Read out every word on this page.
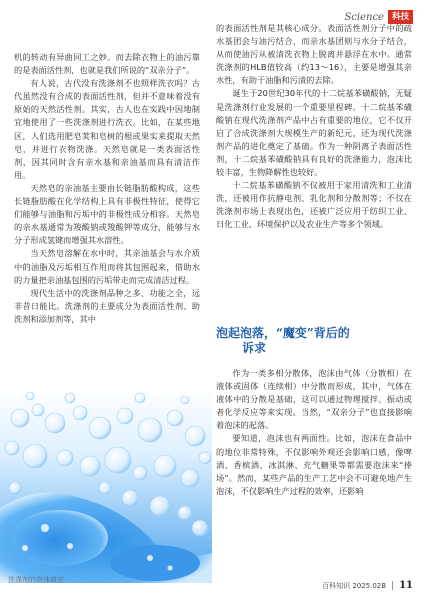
Science 科技

机的转动有异曲同工之妙。而去除衣物上的油污靠的是表面活性剂，也就是我们所说的“双亲分子”。

有人说，古代没有洗涤剂不也照样洗衣吗？古代虽然没有合成的表面活性剂，但并不意味着没有原始的天然活性剂。其实，古人也在实践中因地制宜地使用了一些洗涤剂进行洗衣。比如，在某些地区，人们选用肥皂荚和皂树的根或果实来提取天然皂，并进行衣物洗涤。天然皂就是一类表面活性剂，因其同时含有亲水基和亲油基而具有清洁作用。

天然皂的亲油基主要由长链脂肪酸构成，这些长链脂肪酸在化学结构上具有非极性特征，使得它们能够与油脂和污垢中的非极性成分相容。天然皂的亲水基通常为羧酸钠或羧酸钾等成分，能够与水分子形成氢键而增强其水溶性。

当天然皂溶解在水中时，其亲油基会与水介质中的油脂及污垢相互作用而将其包围起来，借助水的力量把亲油基包围的污垢带走而完成清洁过程。

现代生活中的洗涤剂品种之多、功能之全，远非昔日能比。洗涤剂的主要成分为表面活性剂、助洗剂和添加剂等，其中

洗涤剂的泡沫效应

的表面活性剂是其核心成分。表面活性剂分子中的疏水基团会与油污结合，而亲水基团则与水分子结合，从而使油污从被清洗衣物上脱离并悬浮在水中。通常洗涤剂的HLB值较高（约13～16），主要是增强其亲水性，有助于油脂和污渍的去除。

诞生于20世纪30年代的十二烷基苯磺酸钠，无疑是洗涤剂行业发展的一个重要里程碑。十二烷基苯磺酸钠在现代洗涤剂产品中占有重要的地位，它不仅开启了合成洗涤剂大规模生产的新纪元，还为现代洗涤剂产品的进化奠定了基础。作为一种阴离子表面活性剂，十二烷基苯磺酸钠具有良好的洗涤能力，泡沫比较丰富，生物降解性也较好。

十二烷基苯磺酸钠不仅被用于家用清洗和工业清洗，还被用作抗静电剂、乳化剂和分散剂等；不仅在洗涤剂市场上表现出色，还被广泛应用于纺织工业、日化工业、环境保护以及农业生产等多个领域。

泡起泡落，“魔变”背后的
诉求

作为一类多相分散体，泡沫由气体（分散相）在液体或固体（连续相）中分散而形成，其中，气体在液体中的分散是基础，这可以通过物理搅拌、振动或者化学反应等来实现。当然，“双亲分子”也直接影响着泡沫的起落。

要知道，泡沫也有两面性。比如，泡沫在食品中的地位非常特殊，不仅影响外观还会影响口感，像啤酒、香槟酒、冰淇淋、充气糖果等都需要泡沫来“捧场”。然而，某些产品的生产工艺中会不可避免地产生泡沫，不仅影响生产过程的效率，还影响

百科知识 2025.02B 11
